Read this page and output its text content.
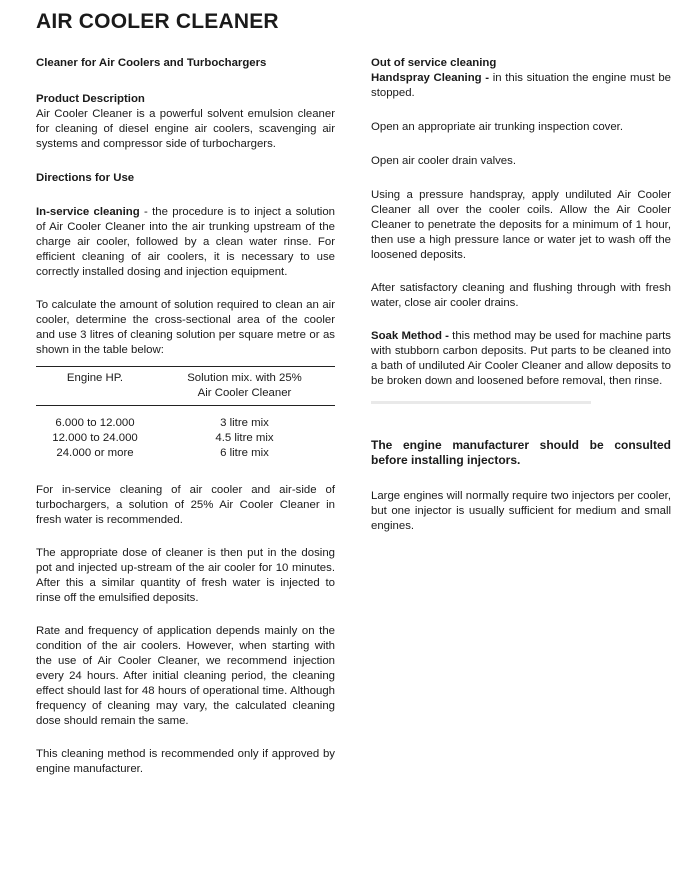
AIR COOLER CLEANER

Cleaner for Air Coolers and Turbochargers

Product Description

Air Cooler Cleaner is a powerful solvent emulsion cleaner for cleaning of diesel engine air coolers, scavenging air systems and compressor side of turbochargers.

Directions for Use

In-service cleaning - the procedure is to inject a solution of Air Cooler Cleaner into the air trunking upstream of the charge air cooler, followed by a clean water rinse. For efficient cleaning of air coolers, it is necessary to use correctly installed dosing and injection equipment.

To calculate the amount of solution required to clean an air cooler, determine the cross-sectional area of the cooler and use 3 litres of cleaning solution per square metre or as shown in the table below:

Engine HP.	Solution mix. with 25%
Air Cooler Cleaner
6.000 to 12.000	3 litre mix
12.000 to 24.000	4.5 litre mix
24.000 or more	6 litre mix

For in-service cleaning of air cooler and air-side of turbochargers, a solution of 25% Air Cooler Cleaner in fresh water is recommended.

The appropriate dose of cleaner is then put in the dosing pot and injected up-stream of the air cooler for 10 minutes. After this a similar quantity of fresh water is injected to rinse off the emulsified deposits.

Rate and frequency of application depends mainly on the condition of the air coolers. However, when starting with the use of Air Cooler Cleaner, we recommend injection every 24 hours. After initial cleaning period, the cleaning effect should last for 48 hours of operational time. Although frequency of cleaning may vary, the calculated cleaning dose should remain the same.

This cleaning method is recommended only if approved by engine manufacturer.

Out of service cleaning

Handspray Cleaning - in this situation the engine must be stopped.

Open an appropriate air trunking inspection cover.

Open air cooler drain valves.

Using a pressure handspray, apply undiluted Air Cooler Cleaner all over the cooler coils. Allow the Air Cooler Cleaner to penetrate the deposits for a minimum of 1 hour, then use a high pressure lance or water jet to wash off the loosened deposits.

After satisfactory cleaning and flushing through with fresh water, close air cooler drains.

Soak Method - this method may be used for machine parts with stubborn carbon deposits. Put parts to be cleaned into a bath of undiluted Air Cooler Cleaner and allow deposits to be broken down and loosened before removal, then rinse.

The engine manufacturer should be consulted before installing injectors.

Large engines will normally require two injectors per cooler, but one injector is usually sufficient for medium and small engines.
